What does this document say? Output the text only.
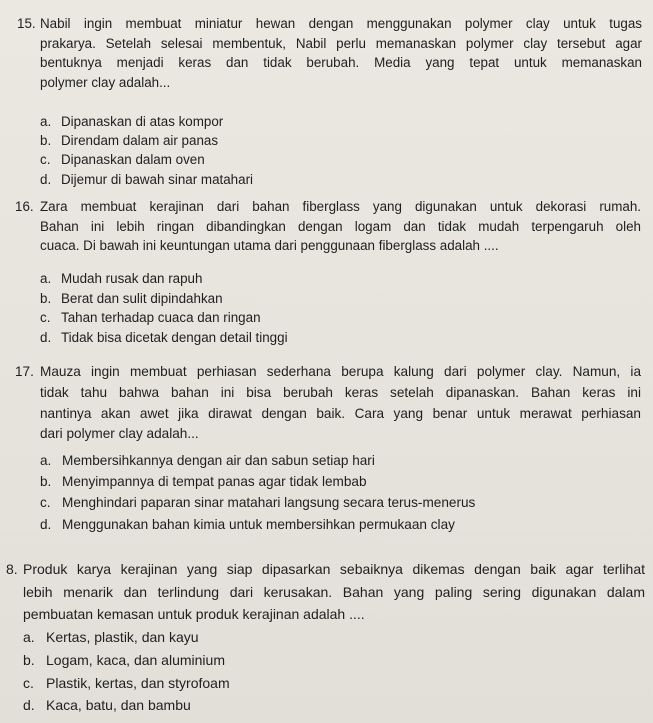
15. Nabil ingin membuat miniatur hewan dengan menggunakan polymer clay untuk tugas
prakarya. Setelah selesai membentuk, Nabil perlu memanaskan polymer clay tersebut agar
bentuknya menjadi keras dan tidak berubah. Media yang tepat untuk memanaskan
polymer clay adalah...
a. Dipanaskan di atas kompor
b. Direndam dalam air panas
c. Dipanaskan dalam oven
d. Dijemur di bawah sinar matahari
16. Zara membuat kerajinan dari bahan fiberglass yang digunakan untuk dekorasi rumah.
Bahan ini lebih ringan dibandingkan dengan logam dan tidak mudah terpengaruh oleh
cuaca. Di bawah ini keuntungan utama dari penggunaan fiberglass adalah ....
a. Mudah rusak dan rapuh
b. Berat dan sulit dipindahkan
c. Tahan terhadap cuaca dan ringan
d. Tidak bisa dicetak dengan detail tinggi
17. Mauza ingin membuat perhiasan sederhana berupa kalung dari polymer clay. Namun, ia
tidak tahu bahwa bahan ini bisa berubah keras setelah dipanaskan. Bahan keras ini
nantinya akan awet jika dirawat dengan baik. Cara yang benar untuk merawat perhiasan
dari polymer clay adalah...
a. Membersihkannya dengan air dan sabun setiap hari
b. Menyimpannya di tempat panas agar tidak lembab
c. Menghindari paparan sinar matahari langsung secara terus-menerus
d. Menggunakan bahan kimia untuk membersihkan permukaan clay
8. Produk karya kerajinan yang siap dipasarkan sebaiknya dikemas dengan baik agar terlihat
lebih menarik dan terlindung dari kerusakan. Bahan yang paling sering digunakan dalam
pembuatan kemasan untuk produk kerajinan adalah ....
a. Kertas, plastik, dan kayu
b. Logam, kaca, dan aluminium
c. Plastik, kertas, dan styrofoam
d. Kaca, batu, dan bambu
